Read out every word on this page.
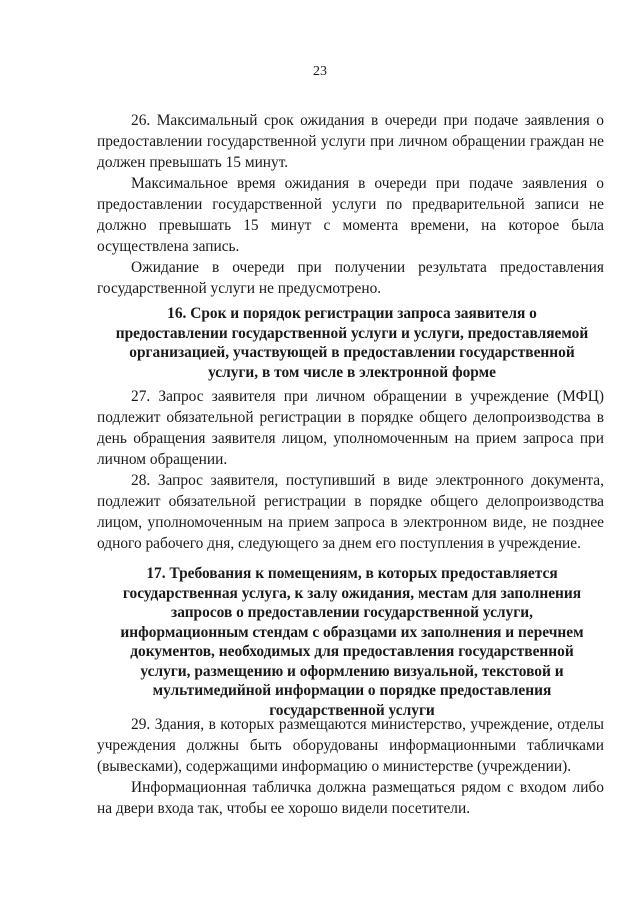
23

26. Максимальный срок ожидания в очереди при подаче заявления о предоставлении государственной услуги при личном обращении граждан не должен превышать 15 минут.

Максимальное время ожидания в очереди при подаче заявления о предоставлении государственной услуги по предварительной записи не должно превышать 15 минут с момента времени, на которое была осуществлена запись.

Ожидание в очереди при получении результата предоставления государственной услуги не предусмотрено.

16. Срок и порядок регистрации запроса заявителя о предоставлении государственной услуги и услуги, предоставляемой организацией, участвующей в предоставлении государственной услуги, в том числе в электронной форме

27. Запрос заявителя при личном обращении в учреждение (МФЦ) подлежит обязательной регистрации в порядке общего делопроизводства в день обращения заявителя лицом, уполномоченным на прием запроса при личном обращении.

28. Запрос заявителя, поступивший в виде электронного документа, подлежит обязательной регистрации в порядке общего делопроизводства лицом, уполномоченным на прием запроса в электронном виде, не позднее одного рабочего дня, следующего за днем его поступления в учреждение.

17. Требования к помещениям, в которых предоставляется государственная услуга, к залу ожидания, местам для заполнения запросов о предоставлении государственной услуги, информационным стендам с образцами их заполнения и перечнем документов, необходимых для предоставления государственной услуги, размещению и оформлению визуальной, текстовой и мультимедийной информации о порядке предоставления государственной услуги

29. Здания, в которых размещаются министерство, учреждение, отделы учреждения должны быть оборудованы информационными табличками (вывесками), содержащими информацию о министерстве (учреждении).

Информационная табличка должна размещаться рядом с входом либо на двери входа так, чтобы ее хорошо видели посетители.
